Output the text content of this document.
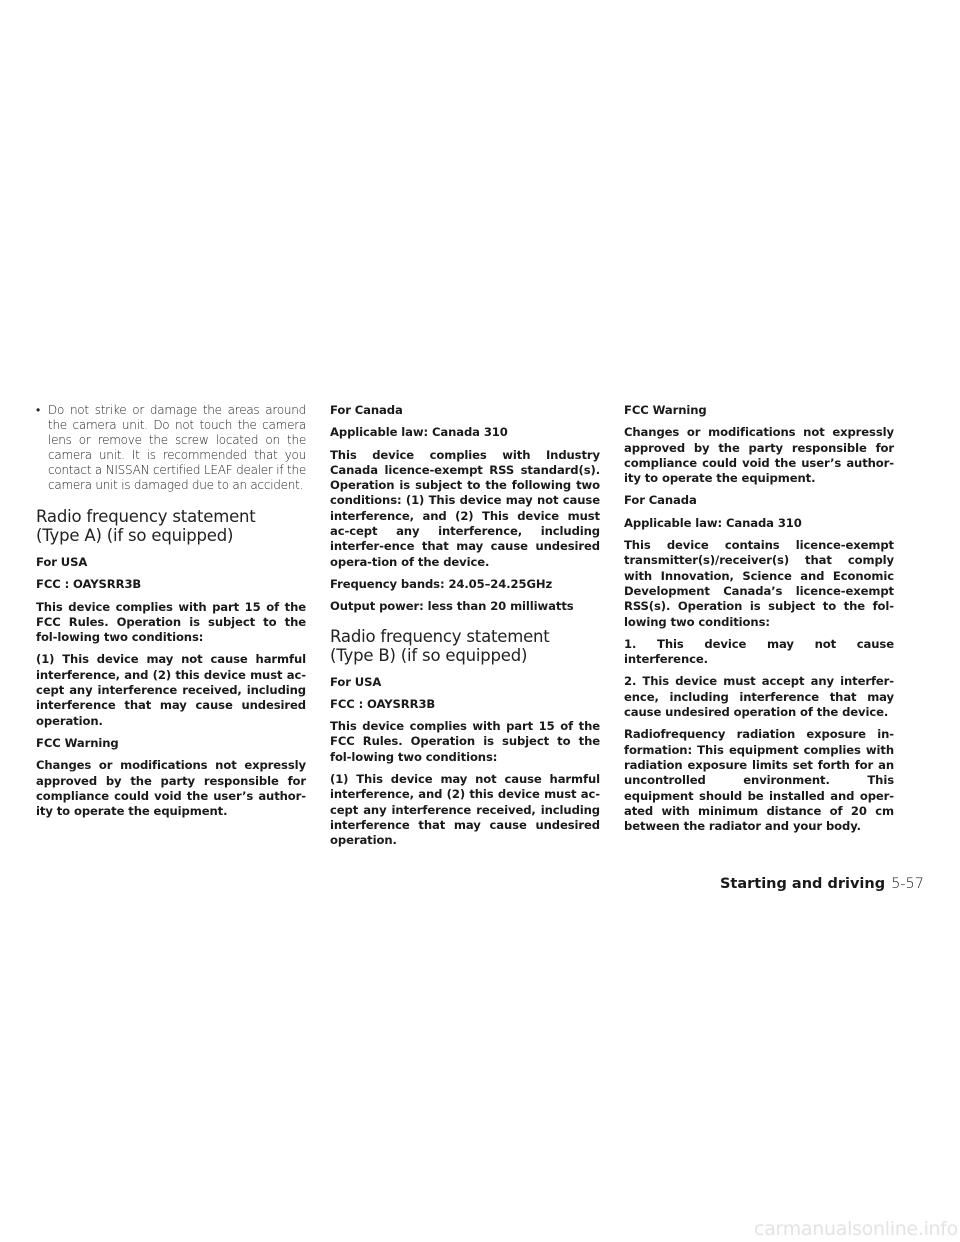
• Do not strike or damage the areas around the camera unit. Do not touch the camera lens or remove the screw located on the camera unit. It is recommended that you contact a NISSAN certified LEAF dealer if the camera unit is damaged due to an accident.
Radio frequency statement
(Type A) (if so equipped)

For USA

FCC : OAYSRR3B

This device complies with part 15 of the FCC Rules. Operation is subject to the fol-lowing two conditions:

(1) This device may not cause harmful interference, and (2) this device must ac-cept any interference received, including interference that may cause undesired operation.

FCC Warning

Changes or modifications not expressly approved by the party responsible for compliance could void the user’s author-ity to operate the equipment.

For Canada

Applicable law: Canada 310

This device complies with Industry Canada licence-exempt RSS standard(s). Operation is subject to the following two conditions: (1) This device may not cause interference, and (2) This device must ac-cept any interference, including interfer-ence that may cause undesired opera-tion of the device.

Frequency bands: 24.05–24.25GHz

Output power: less than 20 milliwatts

Radio frequency statement
(Type B) (if so equipped)

For USA

FCC : OAYSRR3B

This device complies with part 15 of the FCC Rules. Operation is subject to the fol-lowing two conditions:

(1) This device may not cause harmful interference, and (2) this device must ac-cept any interference received, including interference that may cause undesired operation.

FCC Warning

Changes or modifications not expressly approved by the party responsible for compliance could void the user’s author-ity to operate the equipment.

For Canada

Applicable law: Canada 310

This device contains licence-exempt transmitter(s)/receiver(s) that comply with Innovation, Science and Economic Development Canada’s licence-exempt RSS(s). Operation is subject to the fol-lowing two conditions:

1. This device may not cause interference.

2. This device must accept any interfer-ence, including interference that may cause undesired operation of the device.

Radiofrequency radiation exposure in-formation: This equipment complies with radiation exposure limits set forth for an uncontrolled environment. This equipment should be installed and oper-ated with minimum distance of 20 cm between the radiator and your body.

Starting and driving 5-57
carmanualsonline.info
